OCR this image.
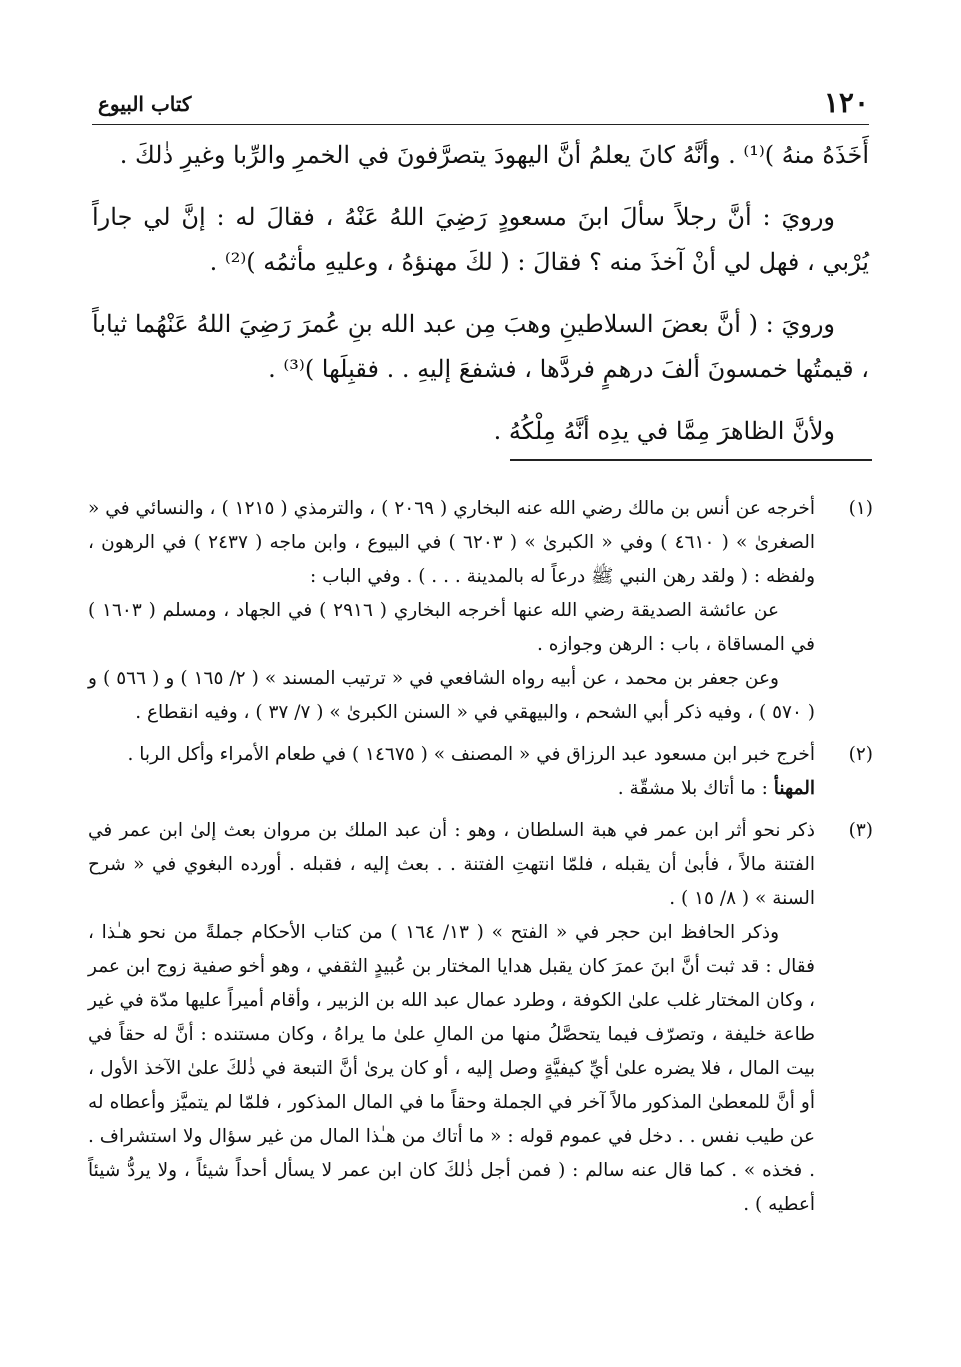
١٢٠
كتاب البيوع

أَخَذَهُ منهُ )⁽¹⁾ . وأنَّهُ كانَ يعلمُ أنَّ اليهودَ يتصرَّفونَ في الخمرِ والرِّبا وغيرِ ذٰلكَ .

ورويَ : أنَّ رجلاً سألَ ابنَ مسعودٍ رَضِيَ اللهُ عَنْهُ ، فقالَ له : إنَّ لي جاراً يُرْبي ، فهل لي أنْ آخذَ منه ؟ فقالَ : ( لكَ مهنؤهُ ، وعليهِ مأثمُه )⁽²⁾ .

ورويَ : ( أنَّ بعضَ السلاطينِ وهبَ مِن عبد الله بنِ عُمرَ رَضِيَ اللهُ عَنْهُما ثياباً ، قيمتُها خمسونَ ألفَ درهمٍ فردَّها ، فشفعَ إليهِ . . فقبِلَها )⁽³⁾ .

ولأنَّ الظاهرَ مِمَّا في يدِه أنَّهُ مِلْكُهُ .

(١)

أخرجه عن أنس بن مالك رضي الله عنه البخاري ( ٢٠٦٩ ) ، والترمذي ( ١٢١٥ ) ، والنسائي في « الصغرىٰ » ( ٤٦١٠ ) وفي « الكبرىٰ » ( ٦٢٠٣ ) في البيوع ، وابن ماجه ( ٢٤٣٧ ) في الرهون ، ولفظه : ( ولقد رهن النبي ﷺ درعاً له بالمدينة . . . ) . وفي الباب :

عن عائشة الصديقة رضي الله عنها أخرجه البخاري ( ٢٩١٦ ) في الجهاد ، ومسلم ( ١٦٠٣ ) في المساقاة ، باب : الرهن وجوازه .

وعن جعفر بن محمد ، عن أبيه رواه الشافعي في « ترتيب المسند » ( ٢/ ١٦٥ ) و ( ٥٦٦ ) و ( ٥٧٠ ) ، وفيه ذكر أبي الشحم ، والبيهقي في « السنن الكبرىٰ » ( ٧/ ٣٧ ) ، وفيه انقطاع .

(٢)

أخرج خبر ابن مسعود عبد الرزاق في « المصنف » ( ١٤٦٧٥ ) في طعام الأمراء وأكل الربا .

المهنأ : ما أتاك بلا مشقّة .

(٣)

ذكر نحو أثر ابن عمر في هبة السلطان ، وهو : أن عبد الملك بن مروان بعث إلىٰ ابن عمر في الفتنة مالاً ، فأبىٰ أن يقبله ، فلمّا انتهتِ الفتنة . . بعث إليه ، فقبله . أورده البغوي في « شرح السنة » ( ٨/ ١٥ ) .

وذكر الحافظ ابن حجر في « الفتح » ( ١٣/ ١٦٤ ) من كتاب الأحكام جملةً من نحو هـٰذا ، فقال : قد ثبت أنَّ ابنَ عمرَ كان يقبل هدايا المختار بن عُبيدٍ الثقفي ، وهو أخو صفية زوج ابن عمر ، وكان المختار غلب علىٰ الكوفة ، وطرد عمال عبد الله بن الزبير ، وأقام أميراً عليها مدّة في غير طاعة خليفة ، وتصرّف فيما يتحصَّلُ منها من المالِ علىٰ ما يراهُ ، وكان مستنده : أنَّ له حقاً في بيت المال ، فلا يضره علىٰ أيِّ كيفيَّةٍ وصل إليه ، أو كان يرىٰ أنَّ التبعة في ذٰلكَ علىٰ الآخذ الأول ، أو أنَّ للمعطىٰ المذكور مالاً آخر في الجملة وحقاً ما في المال المذكور ، فلمّا لم يتميَّز وأعطاه له عن طيب نفس . . دخل في عموم قوله : « ما أتاك من هـٰذا المال من غير سؤال ولا استشراف . . فخذه » . كما قال عنه سالم : ( فمن أجل ذٰلكَ كان ابن عمر لا يسأل أحداً شيئاً ، ولا يردُّ شيئاً أعطيه ) .
